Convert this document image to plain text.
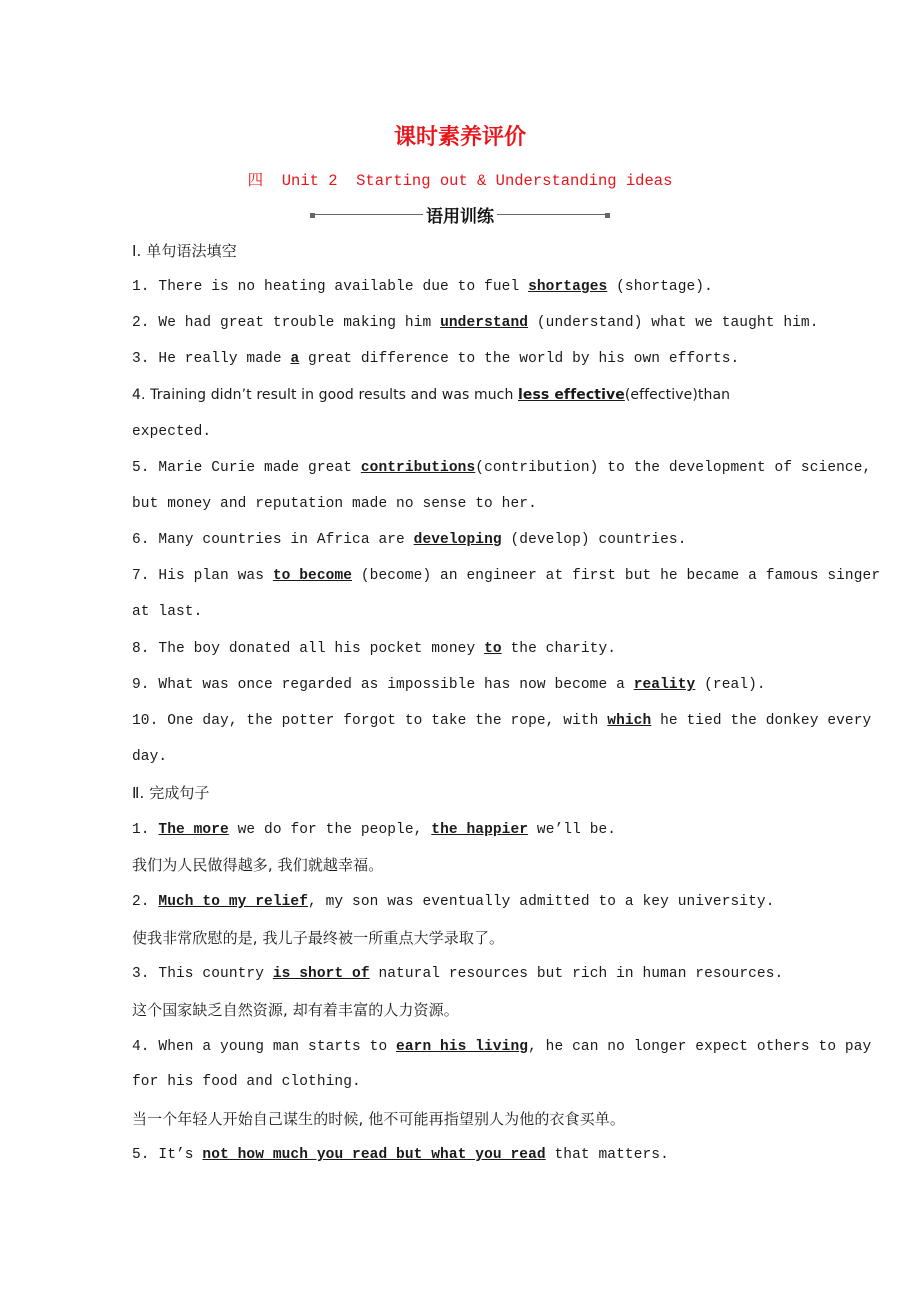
课时素养评价
四  Unit 2  Starting out & Understanding ideas
语用训练
Ⅰ. 单句语法填空
1. There is no heating available due to fuel shortages (shortage).
2. We had great trouble making him understand (understand) what we taught him.
3. He really made a great difference to the world by his own efforts.
4. Training didn’t result in good results and was much less effective(effective)than
expected.
5. Marie Curie made great contributions(contribution) to the development of science,
but money and reputation made no sense to her.
6. Many countries in Africa are developing (develop) countries.
7. His plan was to become (become) an engineer at first but he became a famous singer
at last.
8. The boy donated all his pocket money to the charity.
9. What was once regarded as impossible has now become a reality (real).
10. One day, the potter forgot to take the rope, with which he tied the donkey every
day.
Ⅱ. 完成句子
1. The more we do for the people, the happier we’ll be.
我们为人民做得越多, 我们就越幸福。
2. Much to my relief, my son was eventually admitted to a key university.
使我非常欣慰的是, 我儿子最终被一所重点大学录取了。
3. This country is short of natural resources but rich in human resources.
这个国家缺乏自然资源, 却有着丰富的人力资源。
4. When a young man starts to earn his living, he can no longer expect others to pay
for his food and clothing.
当一个年轻人开始自己谋生的时候, 他不可能再指望别人为他的衣食买单。
5. It’s not how much you read but what you read that matters.
